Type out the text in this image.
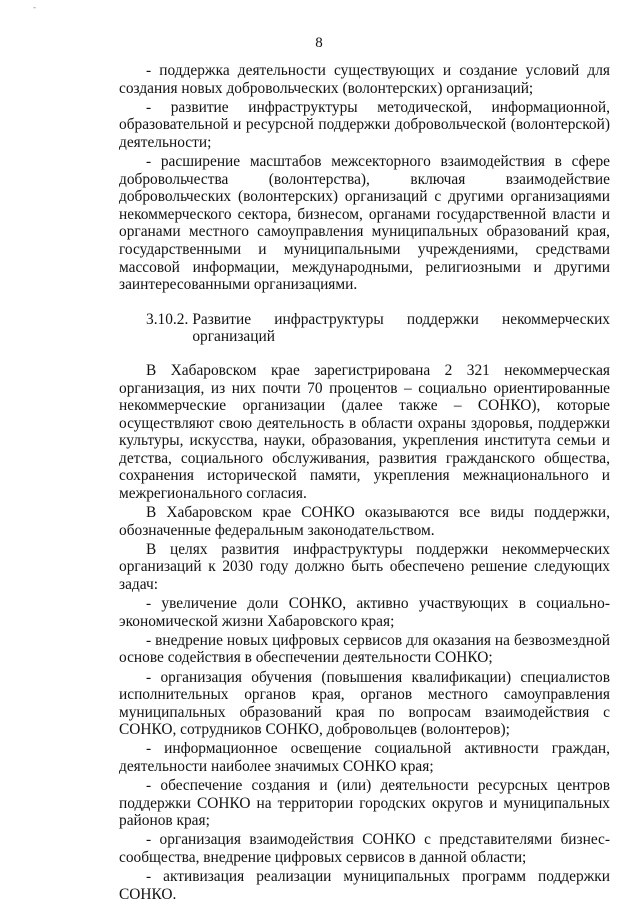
-
8

- поддержка деятельности существующих и создание условий для создания новых добровольческих (волонтерских) организаций;

- развитие инфраструктуры методической, информационной, образовательной и ресурсной поддержки добровольческой (волонтерской) деятельности;

- расширение масштабов межсекторного взаимодействия в сфере добровольчества (волонтерства), включая взаимодействие добровольческих (волонтерских) организаций с другими организациями некоммерческого сектора, бизнесом, органами государственной власти и органами местного самоуправления муниципальных образований края, государственными и муниципальными учреждениями, средствами массовой информации, международными, религиозными и другими заинтересованными организациями.

3.10.2. Развитие инфраструктуры поддержки некоммерческих организаций

В Хабаровском крае зарегистрирована 2 321 некоммерческая организация, из них почти 70 процентов – социально ориентированные некоммерческие организации (далее также – СОНКО), которые осуществляют свою деятельность в области охраны здоровья, поддержки культуры, искусства, науки, образования, укрепления института семьи и детства, социального обслуживания, развития гражданского общества, сохранения исторической памяти, укрепления межнационального и межрегионального согласия.

В Хабаровском крае СОНКО оказываются все виды поддержки, обозначенные федеральным законодательством.

В целях развития инфраструктуры поддержки некоммерческих организаций к 2030 году должно быть обеспечено решение следующих задач:

- увеличение доли СОНКО, активно участвующих в социально-экономической жизни Хабаровского края;

- внедрение новых цифровых сервисов для оказания на безвозмездной основе содействия в обеспечении деятельности СОНКО;

- организация обучения (повышения квалификации) специалистов исполнительных органов края, органов местного самоуправления муниципальных образований края по вопросам взаимодействия с СОНКО, сотрудников СОНКО, добровольцев (волонтеров);

- информационное освещение социальной активности граждан, деятельности наиболее значимых СОНКО края;

- обеспечение создания и (или) деятельности ресурсных центров поддержки СОНКО на территории городских округов и муниципальных районов края;

- организация взаимодействия СОНКО с представителями бизнес-сообщества, внедрение цифровых сервисов в данной области;

- активизация реализации муниципальных программ поддержки СОНКО.
